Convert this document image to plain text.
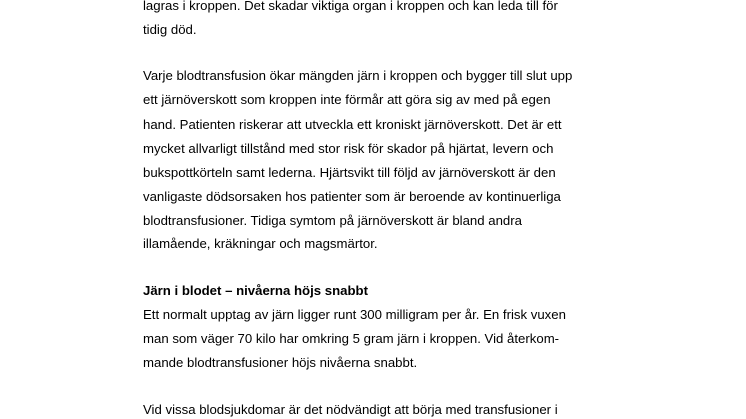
lagras i kroppen. Det skadar viktiga organ i kroppen och kan leda till för

tidig död.

Varje blodtransfusion ökar mängden järn i kroppen och bygger till slut upp

ett järnöverskott som kroppen inte förmår att göra sig av med på egen

hand. Patienten riskerar att utveckla ett kroniskt järnöverskott. Det är ett

mycket allvarligt tillstånd med stor risk för skador på hjärtat, levern och

bukspottkörteln samt lederna. Hjärtsvikt till följd av järnöverskott är den

vanligaste dödsorsaken hos patienter som är beroende av kontinuerliga

blodtransfusioner. Tidiga symtom på järnöverskott är bland andra

illamående, kräkningar och magsmärtor.

Järn i blodet – nivåerna höjs snabbt

Ett normalt upptag av järn ligger runt 300 milligram per år. En frisk vuxen

man som väger 70 kilo har omkring 5 gram järn i kroppen. Vid återkom-

mande blodtransfusioner höjs nivåerna snabbt.

Vid vissa blodsjukdomar är det nödvändigt att börja med transfusioner i
